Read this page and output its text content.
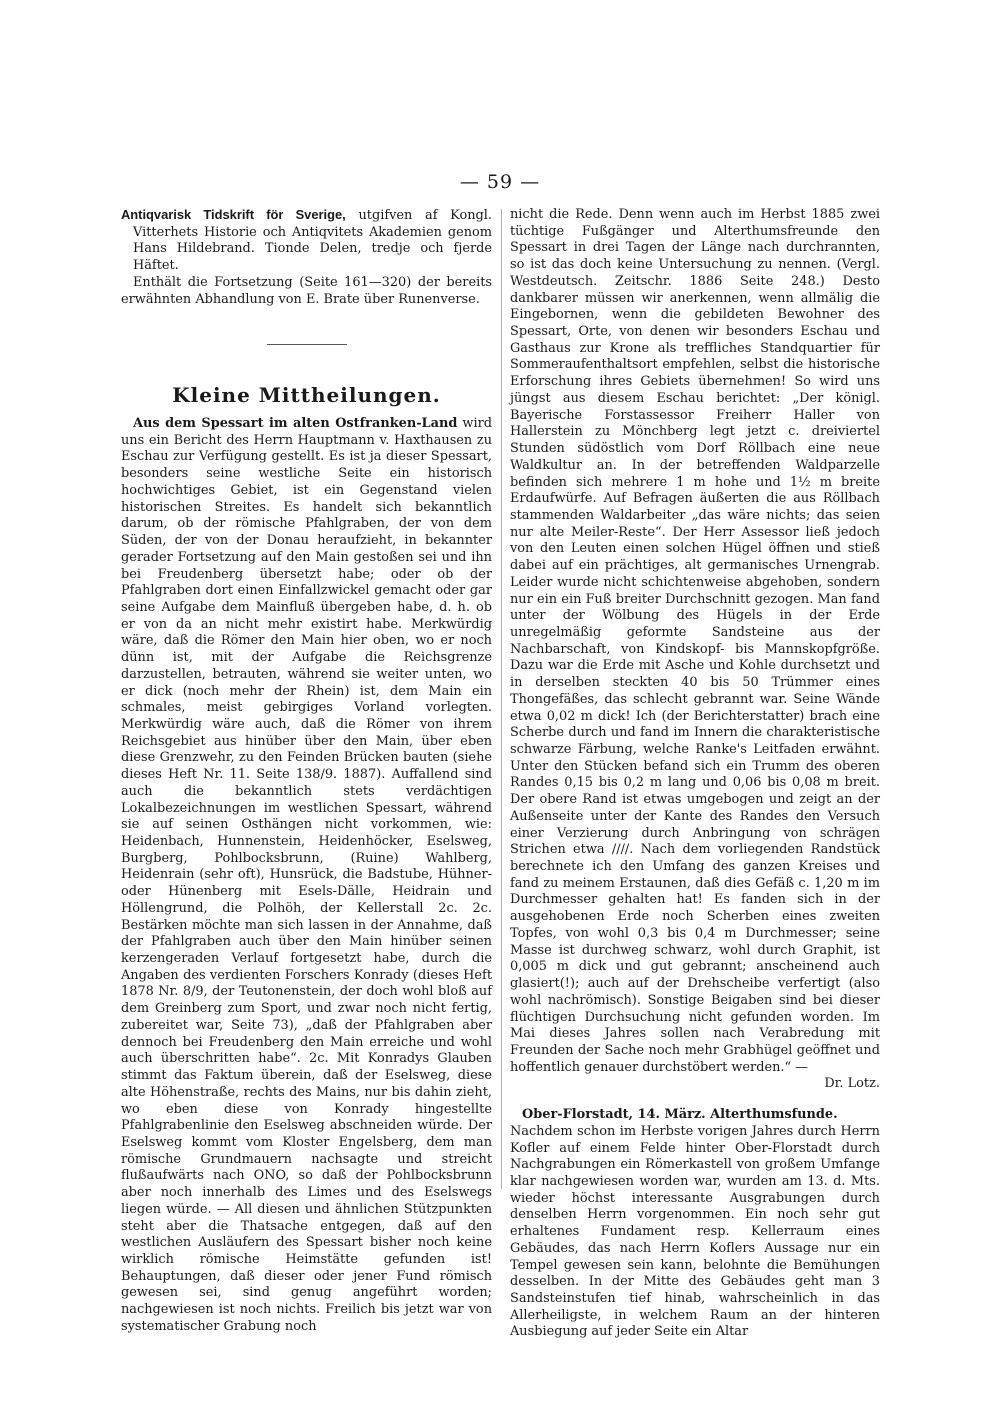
— 59 —

Antiqvarisk Tidskrift för Sverige, utgifven af Kongl. Vitterhets Historie och Antiqvitets Akademien genom Hans Hildebrand. Tionde Delen, tredje och fjerde Häftet.

Enthält die Fortsetzung (Seite 161—320) der bereits erwähnten Abhandlung von E. Brate über Runenverse.

Kleine Mittheilungen.

Aus dem Spessart im alten Ostfranken-Land wird uns ein Bericht des Herrn Hauptmann v. Haxthausen zu Eschau zur Verfügung gestellt. Es ist ja dieser Spessart, besonders seine westliche Seite ein historisch hochwichtiges Gebiet, ist ein Gegenstand vielen historischen Streites. Es handelt sich bekanntlich darum, ob der römische Pfahlgraben, der von dem Süden, der von der Donau heraufzieht, in bekannter gerader Fortsetzung auf den Main gestoßen sei und ihn bei Freudenberg übersetzt habe; oder ob der Pfahlgraben dort einen Einfallzwickel gemacht oder gar seine Aufgabe dem Mainfluß übergeben habe, d. h. ob er von da an nicht mehr existirt habe. Merkwürdig wäre, daß die Römer den Main hier oben, wo er noch dünn ist, mit der Aufgabe die Reichsgrenze darzustellen, betrauten, während sie weiter unten, wo er dick (noch mehr der Rhein) ist, dem Main ein schmales, meist gebirgiges Vorland vorlegten. Merkwürdig wäre auch, daß die Römer von ihrem Reichsgebiet aus hinüber über den Main, über eben diese Grenzwehr, zu den Feinden Brücken bauten (siehe dieses Heft Nr. 11. Seite 138/9. 1887). Auffallend sind auch die bekanntlich stets verdächtigen Lokalbezeichnungen im westlichen Spessart, während sie auf seinen Osthängen nicht vorkommen, wie: Heidenbach, Hunnenstein, Heidenhöcker, Eselsweg, Burgberg, Pohlbocksbrunn, (Ruine) Wahlberg, Heidenrain (sehr oft), Hunsrück, die Badstube, Hühner- oder Hünenberg mit Esels-Dälle, Heidrain und Höllengrund, die Polhöh, der Kellerstall 2c. 2c. Bestärken möchte man sich lassen in der Annahme, daß der Pfahlgraben auch über den Main hinüber seinen kerzengeraden Verlauf fortgesetzt habe, durch die Angaben des verdienten Forschers Konrady (dieses Heft 1878 Nr. 8/9, der Teutonenstein, der doch wohl bloß auf dem Greinberg zum Sport, und zwar noch nicht fertig, zubereitet war, Seite 73), „daß der Pfahlgraben aber dennoch bei Freudenberg den Main erreiche und wohl auch überschritten habe“. 2c. Mit Konradys Glauben stimmt das Faktum überein, daß der Eselsweg, diese alte Höhenstraße, rechts des Mains, nur bis dahin zieht, wo eben diese von Konrady hingestellte Pfahlgrabenlinie den Eselsweg abschneiden würde. Der Eselsweg kommt vom Kloster Engelsberg, dem man römische Grundmauern nachsagte und streicht flußaufwärts nach ONO, so daß der Pohlbocksbrunn aber noch innerhalb des Limes und des Eselswegs liegen würde. — All diesen und ähnlichen Stützpunkten steht aber die Thatsache entgegen, daß auf den westlichen Ausläufern des Spessart bisher noch keine wirklich römische Heimstätte gefunden ist! Behauptungen, daß dieser oder jener Fund römisch gewesen sei, sind genug angeführt worden; nachgewiesen ist noch nichts. Freilich bis jetzt war von systematischer Grabung noch

nicht die Rede. Denn wenn auch im Herbst 1885 zwei tüchtige Fußgänger und Alterthumsfreunde den Spessart in drei Tagen der Länge nach durchrannten, so ist das doch keine Untersuchung zu nennen. (Vergl. Westdeutsch. Zeitschr. 1886 Seite 248.) Desto dankbarer müssen wir anerkennen, wenn allmälig die Eingebornen, wenn die gebildeten Bewohner des Spessart, Orte, von denen wir besonders Eschau und Gasthaus zur Krone als treffliches Standquartier für Sommeraufenthaltsort empfehlen, selbst die historische Erforschung ihres Gebiets übernehmen! So wird uns jüngst aus diesem Eschau berichtet: „Der königl. Bayerische Forstassessor Freiherr Haller von Hallerstein zu Mönchberg legt jetzt c. dreiviertel Stunden südöstlich vom Dorf Röllbach eine neue Waldkultur an. In der betreffenden Waldparzelle befinden sich mehrere 1 m hohe und 1½ m breite Erdaufwürfe. Auf Befragen äußerten die aus Röllbach stammenden Waldarbeiter „das wäre nichts; das seien nur alte Meiler-Reste“. Der Herr Assessor ließ jedoch von den Leuten einen solchen Hügel öffnen und stieß dabei auf ein prächtiges, alt germanisches Urnengrab. Leider wurde nicht schichtenweise abgehoben, sondern nur ein ein Fuß breiter Durchschnitt gezogen. Man fand unter der Wölbung des Hügels in der Erde unregelmäßig geformte Sandsteine aus der Nachbarschaft, von Kindskopf- bis Mannskopfgröße. Dazu war die Erde mit Asche und Kohle durchsetzt und in derselben steckten 40 bis 50 Trümmer eines Thongefäßes, das schlecht gebrannt war. Seine Wände etwa 0,02 m dick! Ich (der Berichterstatter) brach eine Scherbe durch und fand im Innern die charakteristische schwarze Färbung, welche Ranke's Leitfaden erwähnt. Unter den Stücken befand sich ein Trumm des oberen Randes 0,15 bis 0,2 m lang und 0,06 bis 0,08 m breit. Der obere Rand ist etwas umgebogen und zeigt an der Außenseite unter der Kante des Randes den Versuch einer Verzierung durch Anbringung von schrägen Strichen etwa ////. Nach dem vorliegenden Randstück berechnete ich den Umfang des ganzen Kreises und fand zu meinem Erstaunen, daß dies Gefäß c. 1,20 m im Durchmesser gehalten hat! Es fanden sich in der ausgehobenen Erde noch Scherben eines zweiten Topfes, von wohl 0,3 bis 0,4 m Durchmesser; seine Masse ist durchweg schwarz, wohl durch Graphit, ist 0,005 m dick und gut gebrannt; anscheinend auch glasiert(!); auch auf der Drehscheibe verfertigt (also wohl nachrömisch). Sonstige Beigaben sind bei dieser flüchtigen Durchsuchung nicht gefunden worden. Im Mai dieses Jahres sollen nach Verabredung mit Freunden der Sache noch mehr Grabhügel geöffnet und hoffentlich genauer durchstöbert werden.“ —

Dr. Lotz.

Ober-Florstadt, 14. März. Alterthumsfunde.
Nachdem schon im Herbste vorigen Jahres durch Herrn Kofler auf einem Felde hinter Ober-Florstadt durch Nachgrabungen ein Römerkastell von großem Umfange klar nachgewiesen worden war, wurden am 13. d. Mts. wieder höchst interessante Ausgrabungen durch denselben Herrn vorgenommen. Ein noch sehr gut erhaltenes Fundament resp. Kellerraum eines Gebäudes, das nach Herrn Koflers Aussage nur ein Tempel gewesen sein kann, belohnte die Bemühungen desselben. In der Mitte des Gebäudes geht man 3 Sandsteinstufen tief hinab, wahrscheinlich in das Allerheiligste, in welchem Raum an der hinteren Ausbiegung auf jeder Seite ein Altar
